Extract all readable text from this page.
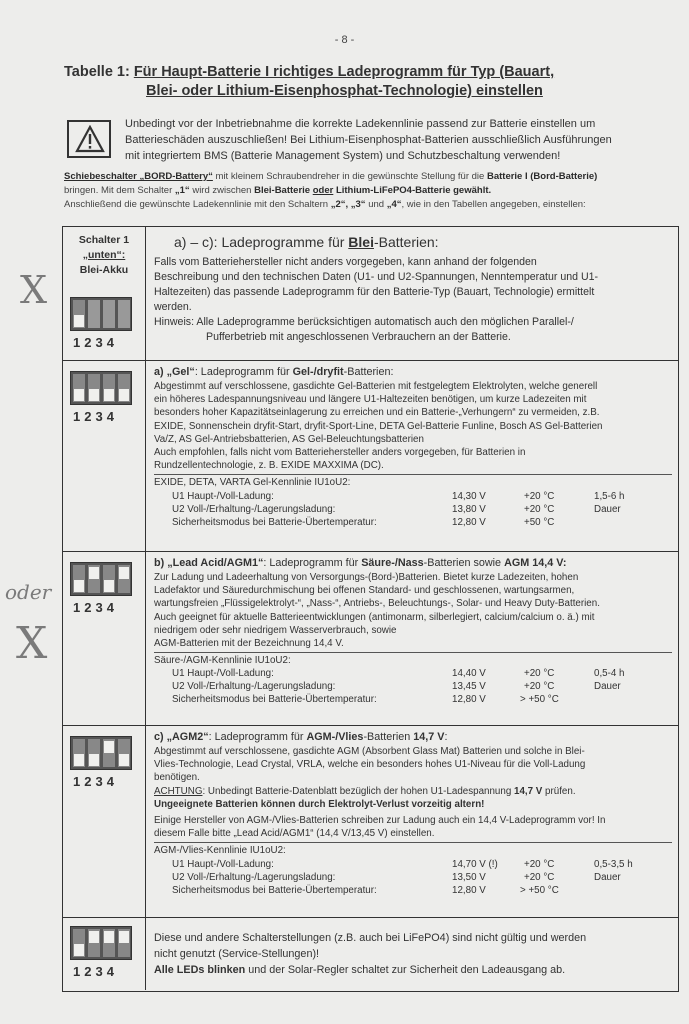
- 8 -
Tabelle 1: Für Haupt-Batterie I richtiges Ladeprogramm für Typ (Bauart,
Blei- oder Lithium-Eisenphosphat-Technologie) einstellen
Unbedingt vor der Inbetriebnahme die korrekte Ladekennlinie passend zur Batterie einstellen um
Batterieschäden auszuschließen! Bei Lithium-Eisenphosphat-Batterien ausschließlich Ausführungen
mit integriertem BMS (Batterie Management System) und Schutzbeschaltung verwenden!
Schiebeschalter „BORD-Battery“ mit kleinem Schraubendreher in die gewünschte Stellung für die Batterie I (Bord-Batterie)
bringen. Mit dem Schalter „1“ wird zwischen Blei-Batterie oder Lithium-LiFePO4-Batterie gewählt.
Anschließend die gewünschte Ladekennlinie mit den Schaltern „2“, „3“ und „4“, wie in den Tabellen angegeben, einstellen:
Schalter 1
„unten“:
Blei-Akku
1234
a) – c): Ladeprogramme für Blei-Batterien:
Falls vom Batteriehersteller nicht anders vorgegeben, kann anhand der folgenden
Beschreibung und den technischen Daten (U1- und U2-Spannungen, Nenntemperatur und U1-
Haltezeiten) das passende Ladeprogramm für den Batterie-Typ (Bauart, Technologie) ermittelt
werden.
Hinweis: Alle Ladeprogramme berücksichtigen automatisch auch den möglichen Parallel-/
Pufferbetrieb mit angeschlossenen Verbrauchern an der Batterie.
1234
a) „Gel“: Ladeprogramm für Gel-/dryfit-Batterien:
Abgestimmt auf verschlossene, gasdichte Gel-Batterien mit festgelegtem Elektrolyten, welche generell
ein höheres Ladespannungsniveau und längere U1-Haltezeiten benötigen, um kurze Ladezeiten mit
besonders hoher Kapazitätseinlagerung zu erreichen und ein Batterie-„Verhungern“ zu vermeiden, z.B.
EXIDE, Sonnenschein dryfit-Start, dryfit-Sport-Line, DETA Gel-Batterie Funline, Bosch AS Gel-Batterien
Va/Z, AS Gel-Antriebsbatterien, AS Gel-Beleuchtungsbatterien
Auch empfohlen, falls nicht vom Batteriehersteller anders vorgegeben, für Batterien in
Rundzellentechnologie, z. B. EXIDE MAXXIMA (DC).
EXIDE, DETA, VARTA Gel-Kennlinie IU1oU2:
U1 Haupt-/Voll-Ladung:	14,30 V	+20 °C	1,5-6 h
U2 Voll-/Erhaltung-/Lagerungsladung:	13,80 V	+20 °C	Dauer
Sicherheitsmodus bei Batterie-Übertemperatur:	12,80 V	+50 °C
1234
b) „Lead Acid/AGM1“: Ladeprogramm für Säure-/Nass-Batterien sowie AGM 14,4 V:
Zur Ladung und Ladeerhaltung von Versorgungs-(Bord-)Batterien. Bietet kurze Ladezeiten, hohen
Ladefaktor und Säuredurchmischung bei offenen Standard- und geschlossenen, wartungsarmen,
wartungsfreien „Flüssigelektrolyt-“, „Nass-“, Antriebs-, Beleuchtungs-, Solar- und Heavy Duty-Batterien.
Auch geeignet für aktuelle Batterieentwicklungen (antimonarm, silberlegiert, calcium/calcium o. ä.) mit
niedrigem oder sehr niedrigem Wasserverbrauch, sowie
AGM-Batterien mit der Bezeichnung 14,4 V.
Säure-/AGM-Kennlinie IU1oU2:
U1 Haupt-/Voll-Ladung:	14,40 V	+20 °C	0,5-4 h
U2 Voll-/Erhaltung-/Lagerungsladung:	13,45 V	+20 °C	Dauer
Sicherheitsmodus bei Batterie-Übertemperatur:	12,80 V	> +50 °C
1234
c) „AGM2“: Ladeprogramm für AGM-/Vlies-Batterien 14,7 V:
Abgestimmt auf verschlossene, gasdichte AGM (Absorbent Glass Mat) Batterien und solche in Blei-
Vlies-Technologie, Lead Crystal, VRLA, welche ein besonders hohes U1-Niveau für die Voll-Ladung
benötigen.
ACHTUNG: Unbedingt Batterie-Datenblatt bezüglich der hohen U1-Ladespannung 14,7 V prüfen.
Ungeeignete Batterien können durch Elektrolyt-Verlust vorzeitig altern!
Einige Hersteller von AGM-/Vlies-Batterien schreiben zur Ladung auch ein 14,4 V-Ladeprogramm vor! In
diesem Falle bitte „Lead Acid/AGM1“ (14,4 V/13,45 V) einstellen.
AGM-/Vlies-Kennlinie IU1oU2:
U1 Haupt-/Voll-Ladung:	14,70 V (!)	+20 °C	0,5-3,5 h
U2 Voll-/Erhaltung-/Lagerungsladung:	13,50 V	+20 °C	Dauer
Sicherheitsmodus bei Batterie-Übertemperatur:	12,80 V	> +50 °C
1234
Diese und andere Schalterstellungen (z.B. auch bei LiFePO4) sind nicht gültig und werden
nicht genutzt (Service-Stellungen)!
Alle LEDs blinken und der Solar-Regler schaltet zur Sicherheit den Ladeausgang ab.
X
oder
X
